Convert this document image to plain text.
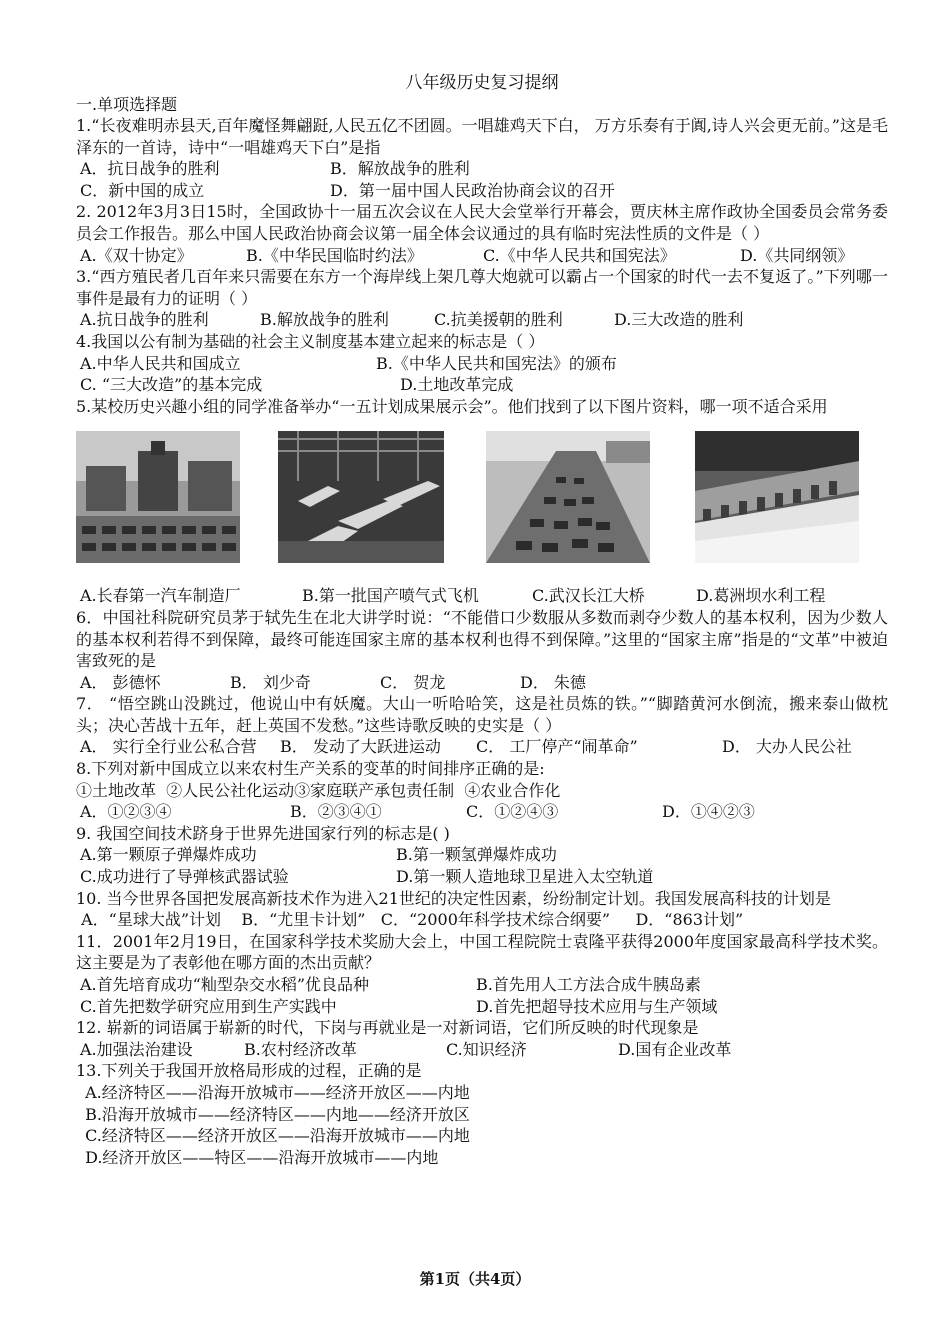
八年级历史复习提纲
一.单项选择题
1.“长夜难明赤县天,百年魔怪舞翩跹,人民五亿不团圆。一唱雄鸡天下白， 万方乐奏有于阗,诗人兴会更无前。”这是毛泽东的一首诗，诗中“一唱雄鸡天下白”是指
A．抗日战争的胜利	B．解放战争的胜利
C．新中国的成立	D．第一届中国人民政治协商会议的召开
2. 2012年3月3日15时，全国政协十一届五次会议在人民大会堂举行开幕会，贾庆林主席作政协全国委员会常务委员会工作报告。那么中国人民政治协商会议第一届全体会议通过的具有临时宪法性质的文件是（ ）
A.《双十协定》	B.《中华民国临时约法》	C.《中华人民共和国宪法》	D.《共同纲领》
3.“西方殖民者几百年来只需要在东方一个海岸线上架几尊大炮就可以霸占一个国家的时代一去不复返了。”下列哪一事件是最有力的证明（ ）
A.抗日战争的胜利	B.解放战争的胜利	C.抗美援朝的胜利	D.三大改造的胜利
4.我国以公有制为基础的社会主义制度基本建立起来的标志是（ ）
A.中华人民共和国成立	B.《中华人民共和国宪法》的颁布
C. “三大改造”的基本完成	D.土地改革完成
5.某校历史兴趣小组的同学准备举办“一五计划成果展示会”。他们找到了以下图片资料，哪一项不适合采用
A.长春第一汽车制造厂	B.第一批国产喷气式飞机	C.武汉长江大桥	D.葛洲坝水利工程
6．中国社科院研究员茅于轼先生在北大讲学时说：“不能借口少数服从多数而剥夺少数人的基本权利，因为少数人的基本权利若得不到保障，最终可能连国家主席的基本权利也得不到保障。”这里的“国家主席”指是的“文革”中被迫害致死的是
A． 彭德怀	B． 刘少奇	C． 贺龙	D． 朱德
7． “悟空跳山没跳过，他说山中有妖魔。大山一听哈哈笑，这是社员炼的铁。”“脚踏黄河水倒流，搬来泰山做枕头；决心苦战十五年，赶上英国不发愁。”这些诗歌反映的史实是（ ）
A． 实行全行业公私合营	B． 发动了大跃进运动	C． 工厂停产“闹革命”	D． 大办人民公社
8.下列对新中国成立以来农村生产关系的变革的时间排序正确的是:
①土地改革  ②人民公社化运动③家庭联产承包责任制  ④农业合作化
A．①②③④	B．②③④①	C．①②④③	D．①④②③
9. 我国空间技术跻身于世界先进国家行列的标志是( )
A.第一颗原子弹爆炸成功	B.第一颗氢弹爆炸成功
C.成功进行了导弹核武器试验	D.第一颗人造地球卫星进入太空轨道
10. 当今世界各国把发展高新技术作为进入21世纪的决定性因素，纷纷制定计划。我国发展高科技的计划是
A．“星球大战”计划    B．“尤里卡计划”   C．“2000年科学技术综合纲要”     D．“863计划”
11．2001年2月19日，在国家科学技术奖励大会上，中国工程院院士袁隆平获得2000年度国家最高科学技术奖。这主要是为了表彰他在哪方面的杰出贡献？
A.首先培育成功“籼型杂交水稻”优良品种	B.首先用人工方法合成牛胰岛素
C.首先把数学研究应用到生产实践中	D.首先把超导技术应用与生产领域
12. 崭新的词语属于崭新的时代，下岗与再就业是一对新词语，它们所反映的时代现象是
A.加强法治建设	B.农村经济改革	C.知识经济	D.国有企业改革
13.下列关于我国开放格局形成的过程，正确的是
A.经济特区——沿海开放城市——经济开放区——内地
B.沿海开放城市——经济特区——内地——经济开放区
C.经济特区——经济开放区——沿海开放城市——内地
D.经济开放区——特区——沿海开放城市——内地
第1页（共4页）
